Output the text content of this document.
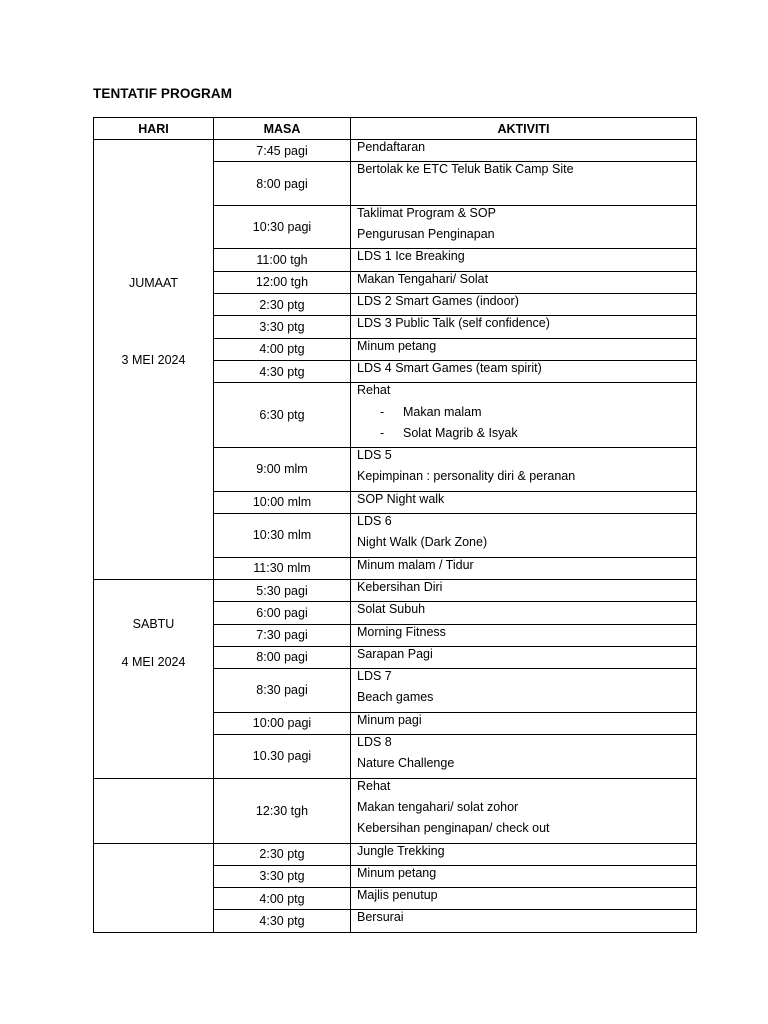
TENTATIF PROGRAM
HARI	MASA	AKTIVITI

JUMAAT
3 MEI 2024	7:45 pagi	Pendaftaran

	8:00 pagi	Bertolak ke ETC Teluk Batik Camp Site

	10:30 pagi	Taklimat Program & SOP
Pengurusan Penginapan

	11:00 tgh	LDS 1 Ice Breaking

	12:00 tgh	Makan Tengahari/ Solat

	2:30 ptg	LDS 2 Smart Games (indoor)

	3:30 ptg	LDS 3 Public Talk (self confidence)

	4:00 ptg	Minum petang

	4:30 ptg	LDS 4 Smart Games (team spirit)

	6:30 ptg	Rehat
- Makan malam
- Solat Magrib & Isyak

	9:00 mlm	LDS 5
Kepimpinan : personality diri & peranan

	10:00 mlm	SOP Night walk

	10:30 mlm	LDS 6
Night Walk (Dark Zone)

	11:30 mlm	Minum malam / Tidur

SABTU
4 MEI 2024	5:30 pagi	Kebersihan Diri

	6:00 pagi	Solat Subuh

	7:30 pagi	Morning Fitness

	8:00 pagi	Sarapan Pagi

	8:30 pagi	LDS 7
Beach games

	10:00 pagi	Minum pagi

	10.30 pagi	LDS 8
Nature Challenge

	12:30 tgh	Rehat
Makan tengahari/ solat zohor
Kebersihan penginapan/ check out

	2:30 ptg	Jungle Trekking

	3:30 ptg	Minum petang

	4:00 ptg	Majlis penutup

	4:30 ptg	Bersurai
